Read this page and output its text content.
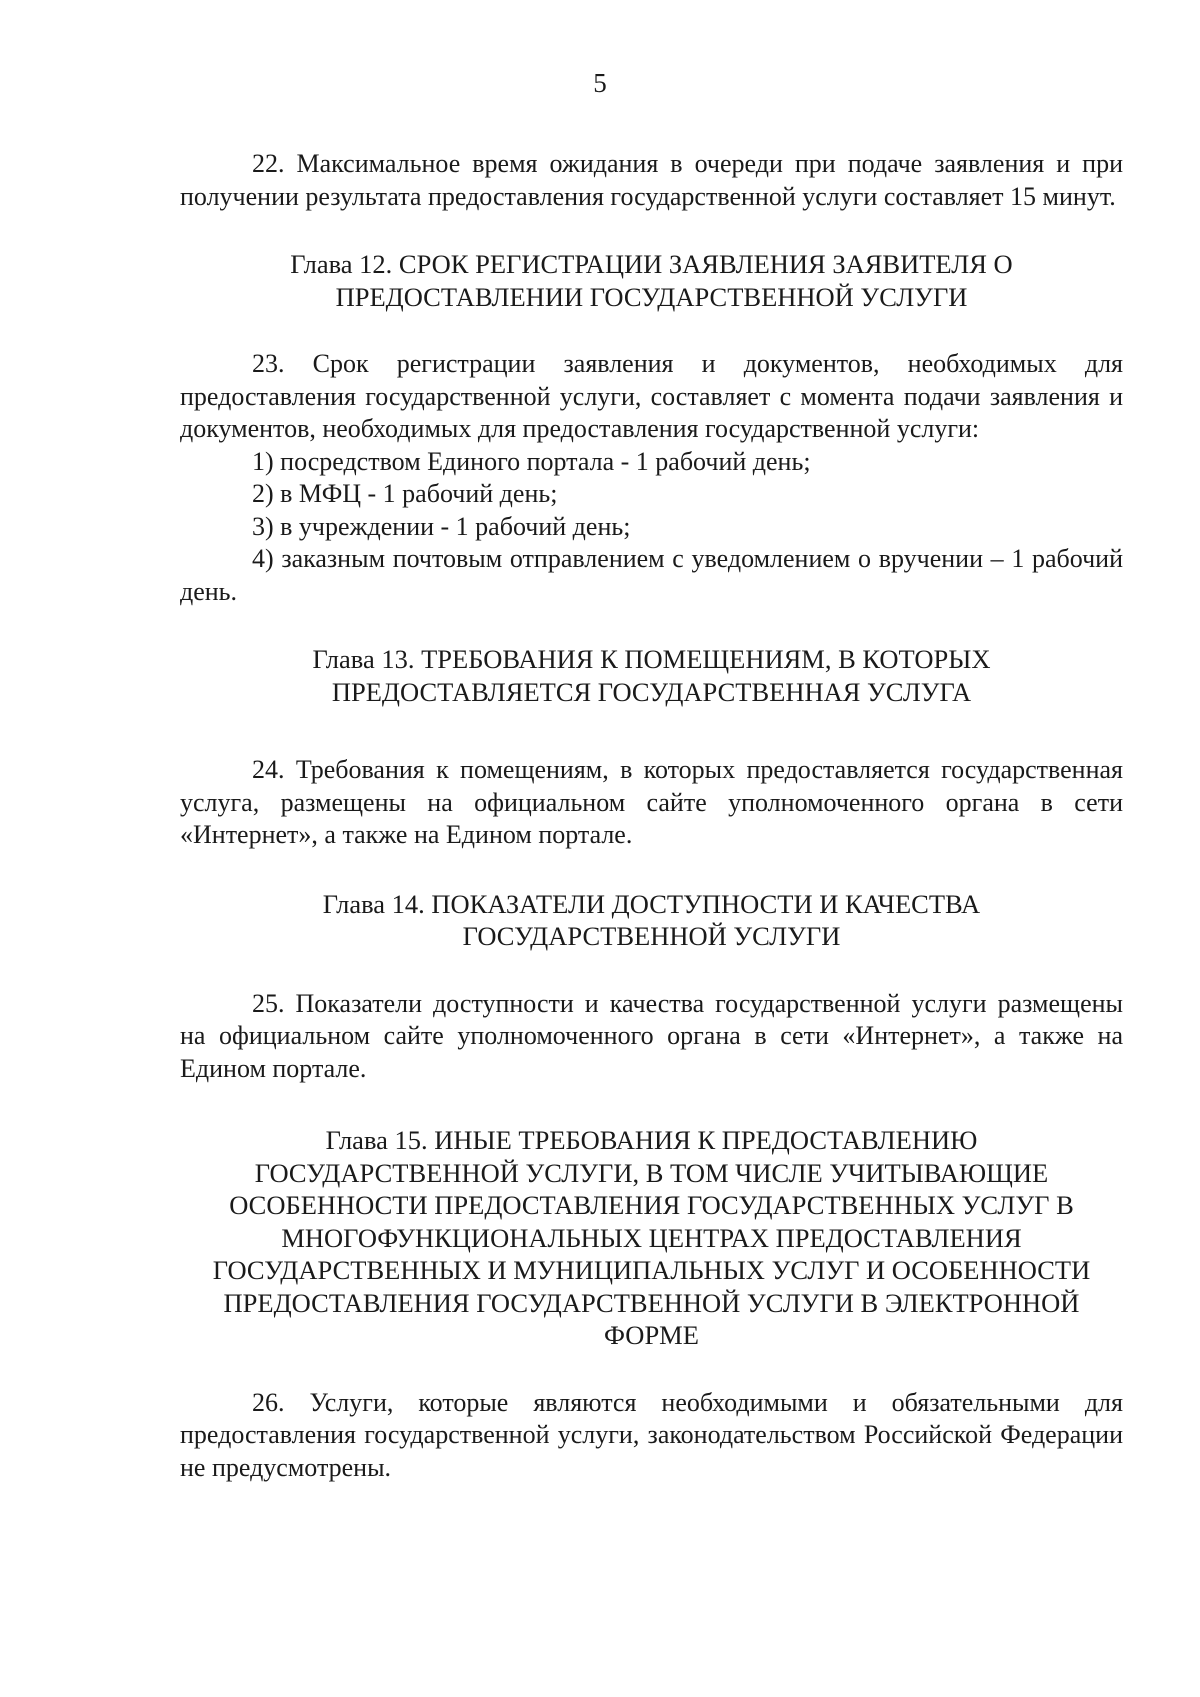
5

22. Максимальное время ожидания в очереди при подаче заявления и при получении результата предоставления государственной услуги составляет 15 минут.

Глава 12. СРОК РЕГИСТРАЦИИ ЗАЯВЛЕНИЯ ЗАЯВИТЕЛЯ О
ПРЕДОСТАВЛЕНИИ ГОСУДАРСТВЕННОЙ УСЛУГИ

23. Срок регистрации заявления и документов, необходимых для предоставления государственной услуги, составляет с момента подачи заявления и документов, необходимых для предоставления государственной услуги:

1) посредством Единого портала - 1 рабочий день;

2) в МФЦ - 1 рабочий день;

3) в учреждении - 1 рабочий день;

4) заказным почтовым отправлением с уведомлением о вручении – 1 рабочий день.

Глава 13. ТРЕБОВАНИЯ К ПОМЕЩЕНИЯМ, В КОТОРЫХ
ПРЕДОСТАВЛЯЕТСЯ ГОСУДАРСТВЕННАЯ УСЛУГА

24. Требования к помещениям, в которых предоставляется государственная услуга, размещены на официальном сайте уполномоченного органа в сети «Интернет», а также на Едином портале.

Глава 14. ПОКАЗАТЕЛИ ДОСТУПНОСТИ И КАЧЕСТВА
ГОСУДАРСТВЕННОЙ УСЛУГИ

25. Показатели доступности и качества государственной услуги размещены на официальном сайте уполномоченного органа в сети «Интернет», а также на Едином портале.

Глава 15. ИНЫЕ ТРЕБОВАНИЯ К ПРЕДОСТАВЛЕНИЮ
ГОСУДАРСТВЕННОЙ УСЛУГИ, В ТОМ ЧИСЛЕ УЧИТЫВАЮЩИЕ
ОСОБЕННОСТИ ПРЕДОСТАВЛЕНИЯ ГОСУДАРСТВЕННЫХ УСЛУГ В
МНОГОФУНКЦИОНАЛЬНЫХ ЦЕНТРАХ ПРЕДОСТАВЛЕНИЯ
ГОСУДАРСТВЕННЫХ И МУНИЦИПАЛЬНЫХ УСЛУГ И ОСОБЕННОСТИ
ПРЕДОСТАВЛЕНИЯ ГОСУДАРСТВЕННОЙ УСЛУГИ В ЭЛЕКТРОННОЙ
ФОРМЕ

26. Услуги, которые являются необходимыми и обязательными для предоставления государственной услуги, законодательством Российской Федерации не предусмотрены.
